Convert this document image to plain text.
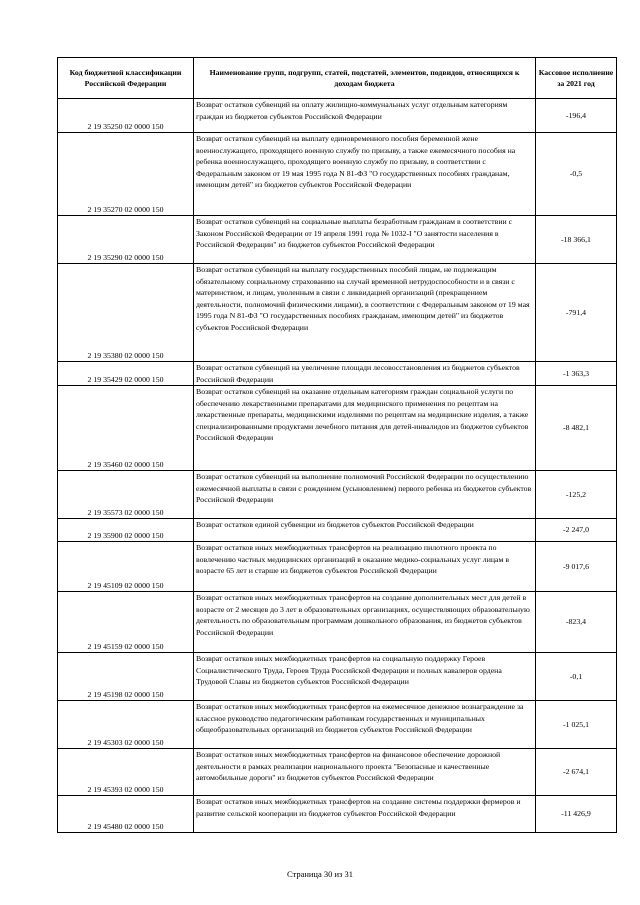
Код бюджетной классификации Российской Федерации	Наименование групп, подгрупп, статей, подстатей, элементов, подвидов, относящихся к доходам бюджета	Кассовое исполнение за 2021 год
2 19 35250 02 0000 150	Возврат остатков субвенций на оплату жилищно-коммунальных услуг отдельным категориям граждан из бюджетов субъектов Российской Федерации	-196,4
2 19 35270 02 0000 150	Возврат остатков субвенций на выплату единовременного пособия беременной жене военнослужащего, проходящего военную службу по призыву, а также ежемесячного пособия на ребенка военнослужащего, проходящего военную службу по призыву, в соответствии с Федеральным законом от 19 мая 1995 года N 81-ФЗ "О государственных пособиях гражданам, имеющим детей" из бюджетов субъектов Российской Федерации	-0,5
2 19 35290 02 0000 150	Возврат остатков субвенций на социальные выплаты безработным гражданам в соответствии с Законом Российской Федерации от 19 апреля 1991 года № 1032-I "О занятости населения в Российской Федерации" из бюджетов субъектов Российской Федерации	-18 366,1
2 19 35380 02 0000 150	Возврат остатков субвенций на выплату государственных пособий лицам, не подлежащим обязательному социальному страхованию на случай временной нетрудоспособности и в связи с материнством, и лицам, уволенным в связи с ликвидацией организаций (прекращением деятельности, полномочий физическими лицами), в соответствии с Федеральным законом от 19 мая 1995 года N 81-ФЗ "О государственных пособиях гражданам, имеющим детей" из бюджетов субъектов Российской Федерации	-791,4
2 19 35429 02 0000 150	Возврат остатков субвенций на увеличение площади лесовосстановления из бюджетов субъектов Российской Федерации	-1 363,3
2 19 35460 02 0000 150	Возврат остатков субвенций на оказание отдельным категориям граждан социальной услуги по обеспечению лекарственными препаратами для медицинского применения по рецептам на лекарственные препараты, медицинскими изделиями по рецептам на медицинские изделия, а также специализированными продуктами лечебного питания для детей-инвалидов из бюджетов субъектов Российской Федерации	-8 482,1
2 19 35573 02 0000 150	Возврат остатков субвенций на выполнение полномочий Российской Федерации по осуществлению ежемесячной выплаты в связи с рождением (усыновлением) первого ребенка из бюджетов субъектов Российской Федерации	-125,2
2 19 35900 02 0000 150	Возврат остатков единой субвенции из бюджетов субъектов Российской Федерации	-2 247,0
2 19 45109 02 0000 150	Возврат остатков иных межбюджетных трансфертов на реализацию пилотного проекта по вовлечению частных медицинских организаций в оказание медико-социальных услуг лицам в возрасте 65 лет и старше из бюджетов субъектов Российской Федерации	-9 017,6
2 19 45159 02 0000 150	Возврат остатков иных межбюджетных трансфертов на создание дополнительных мест для детей в возрасте от 2 месяцев до 3 лет в образовательных организациях, осуществляющих образовательную деятельность по образовательным программам дошкольного образования, из бюджетов субъектов Российской Федерации	-823,4
2 19 45198 02 0000 150	Возврат остатков иных межбюджетных трансфертов на социальную поддержку Героев Социалистического Труда, Героев Труда Российской Федерации и полных кавалеров ордена Трудовой Славы из бюджетов субъектов Российской Федерации	-0,1
2 19 45303 02 0000 150	Возврат остатков иных межбюджетных трансфертов на ежемесячное денежное вознаграждение за классное руководство педагогическим работникам государственных и муниципальных общеобразовательных организаций из бюджетов субъектов Российской Федерации	-1 025,1
2 19 45393 02 0000 150	Возврат остатков иных межбюджетных трансфертов на финансовое обеспечение дорожной деятельности в рамках реализации национального проекта "Безопасные и качественные автомобильные дороги" из бюджетов субъектов Российской Федерации	-2 674,1
2 19 45480 02 0000 150	Возврат остатков иных межбюджетных трансфертов на создание системы поддержки фермеров и развитие сельской кооперации из бюджетов субъектов Российской Федерации	-11 426,9
Страница 30 из 31
